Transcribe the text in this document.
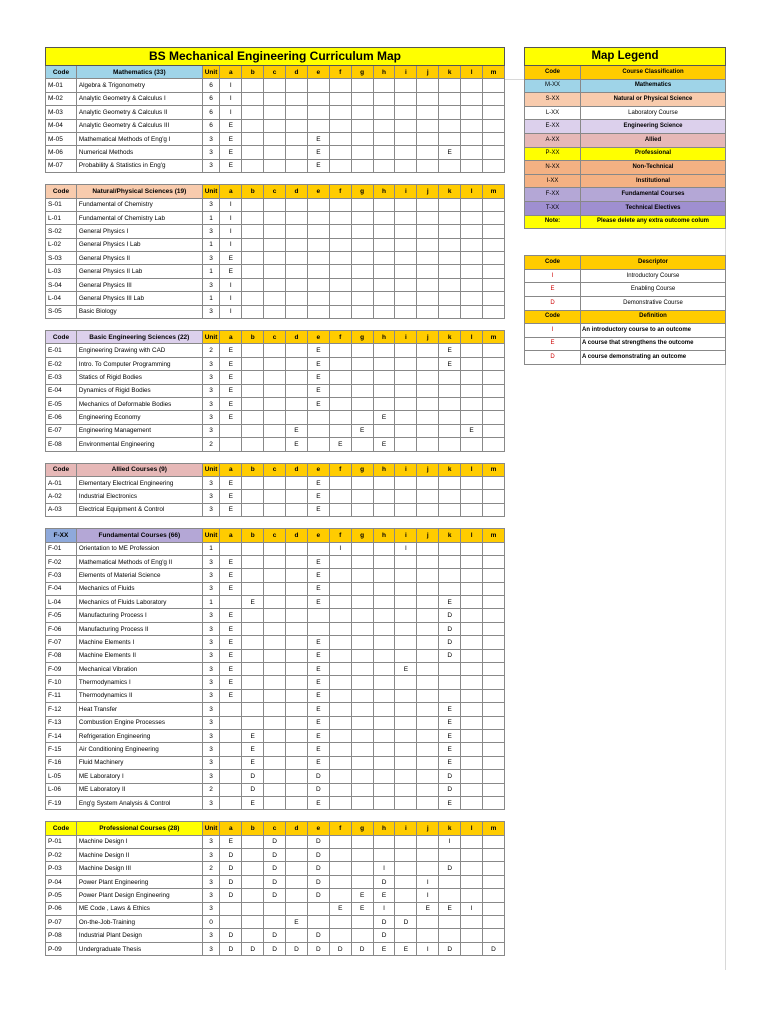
BS Mechanical Engineering Curriculum Map															
Code	Mathematics (33)	Unit	a	b	c	d	e	f	g	h	i	j	k	l	m
M-01	Algebra & Trigonometry	6	I												
M-02	Analytic Geometry & Calculus I	6	I												
M-03	Analytic Geometry & Calculus II	6	I												
M-04	Analytic Geometry & Calculus III	6	E												
M-05	Mathematical Methods of Eng'g I	3	E				E								
M-06	Numerical Methods	3	E				E						E		
M-07	Probability & Statistics in Eng'g	3	E				E								

Code	Natural/Physical Sciences (19)	Unit	a	b	c	d	e	f	g	h	i	j	k	l	m
S-01	Fundamental of Chemistry	3	I												
L-01	Fundamental of Chemistry Lab	1	I												
S-02	General Physics I	3	I												
L-02	General Physics I Lab	1	I												
S-03	General Physics II	3	E												
L-03	General Physics II Lab	1	E												
S-04	General Physics III	3	I												
L-04	General Physics III Lab	1	I												
S-05	Basic Biology	3	I												

Code	Basic Engineering Sciences (22)	Unit	a	b	c	d	e	f	g	h	i	j	k	l	m
E-01	Engineering Drawing with CAD	2	E				E						E		
E-02	Intro. To Computer Programming	3	E				E						E		
E-03	Statics of Rigid Bodies	3	E				E								
E-04	Dynamics of Rigid Bodies	3	E				E								
E-05	Mechanics of Deformable Bodies	3	E				E								
E-06	Engineering Economy	3	E							E					
E-07	Engineering Management	3				E			E					E	
E-08	Environmental Engineering	2				E		E		E					

Code	Allied Courses (9)	Unit	a	b	c	d	e	f	g	h	i	j	k	l	m
A-01	Elementary Electrical Engineering	3	E				E								
A-02	Industrial Electronics	3	E				E								
A-03	Electrical Equipment & Control	3	E				E								

F-XX	Fundamental Courses (66)	Unit	a	b	c	d	e	f	g	h	i	j	k	l	m
F-01	Orientation to ME Profession	1						I			I				
F-02	Mathematical Methods of Eng'g II	3	E				E								
F-03	Elements of Material Science	3	E				E								
F-04	Mechanics of Fluids	3	E				E								
L-04	Mechanics of Fluids Laboratory	1		E			E						E		
F-05	Manufacturing Process I	3	E										D		
F-06	Manufacturing Process II	3	E										D		
F-07	Machine Elements I	3	E				E						D		
F-08	Machine Elements II	3	E				E						D		
F-09	Mechanical Vibration	3	E				E				E				
F-10	Thermodynamics I	3	E				E								
F-11	Thermodynamics II	3	E				E								
F-12	Heat Transfer	3					E						E		
F-13	Combustion Engine Processes	3					E						E		
F-14	Refrigeration Engineering	3		E			E						E		
F-15	Air Conditioning Engineering	3		E			E						E		
F-16	Fluid Machinery	3		E			E						E		
L-05	ME Laboratory I	3		D			D						D		
L-06	ME Laboratory II	2		D			D						D		
F-19	Eng'g System Analysis & Control	3		E			E						E		

Code	Professional Courses (28)	Unit	a	b	c	d	e	f	g	h	i	j	k	l	m
P-01	Machine Design I	3	E		D		D						I		
P-02	Machine Design II	3	D		D		D								
P-03	Machine Design III	2	D		D		D			I			D		
P-04	Power Plant Engineering	3	D		D		D			D		I			
P-05	Power Plant Design Engineering	3	D		D		D		E	E		I			
P-06	ME Code , Laws & Ethics	3						E	E	I		E	E	I	
P-07	On-the-Job-Training	0				E				D	D				
P-08	Industrial Plant Design	3	D		D		D			D					
P-09	Undergraduate Thesis	3	D	D	D	D	D	D	D	E	E	I	D		D

Map Legend	
Code	Course Classification
M-XX	Mathematics
S-XX	Natural or Physical Science
L-XX	Laboratory Course
E-XX	Engineering Science
A-XX	Allied
P-XX	Professional
N-XX	Non-Technical
I-XX	Institutional
F-XX	Fundamental Courses
T-XX	Technical Electives
Note:	Please delete any extra outcome colum

Code	Descriptor
I	Introductory Course
E	Enabling Course
D	Demonstrative Course
Code	Definition
I	An introductory course to an outcome
E	A course that strengthens the outcome
D	A course demonstrating an outcome
